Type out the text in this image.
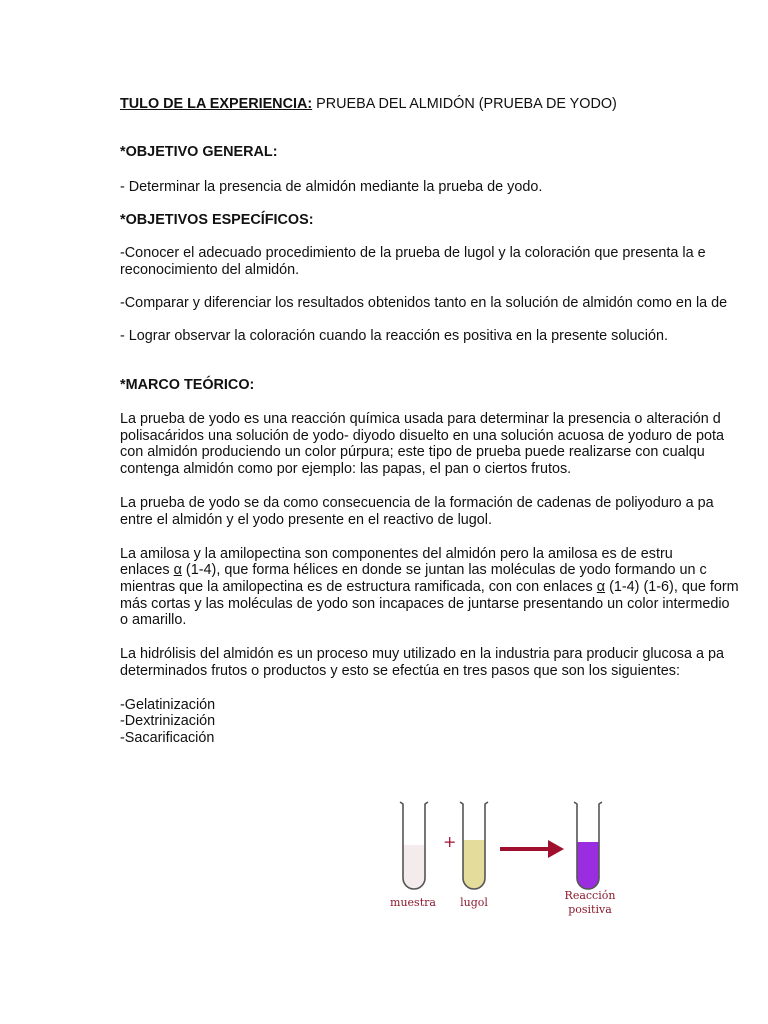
TULO DE LA EXPERIENCIA: PRUEBA DEL ALMIDÓN (PRUEBA DE YODO)
*OBJETIVO GENERAL:
- Determinar la presencia de almidón mediante la prueba de yodo.
*OBJETIVOS ESPECÍFICOS:
-Conocer el adecuado procedimiento de la prueba de lugol y la coloración que presenta la e
reconocimiento del almidón.
-Comparar y diferenciar los resultados obtenidos tanto en la solución de almidón como en la de
- Lograr observar la coloración cuando la reacción es positiva en la presente solución.
*MARCO TEÓRICO:
La prueba de yodo es una reacción química usada para determinar la presencia o alteración d
polisacáridos una solución de yodo- diyodo disuelto en una solución acuosa de yoduro de pota
con almidón produciendo un color púrpura; este tipo de prueba puede realizarse con cualqu
contenga almidón como por ejemplo: las papas, el pan o ciertos frutos.
La prueba de yodo se da como consecuencia de la formación de cadenas de poliyoduro a pa
entre el almidón y el yodo presente en el reactivo de lugol.
La amilosa y la amilopectina son componentes del almidón pero la amilosa es de estru
enlaces α (1-4), que forma hélices en donde se juntan las moléculas de yodo formando un c
mientras que la amilopectina es de estructura ramificada, con con enlaces α (1-4) (1-6), que form
más cortas y las moléculas de yodo son incapaces de juntarse presentando un color intermedio
o amarillo.
La hidrólisis del almidón es un proceso muy utilizado en la industria para producir glucosa a pa
determinados frutos o productos y esto se efectúa en tres pasos que son los siguientes:
-Gelatinización
-Dextrinización
-Sacarificación
+
muestra	lugol
Reacción
positiva
